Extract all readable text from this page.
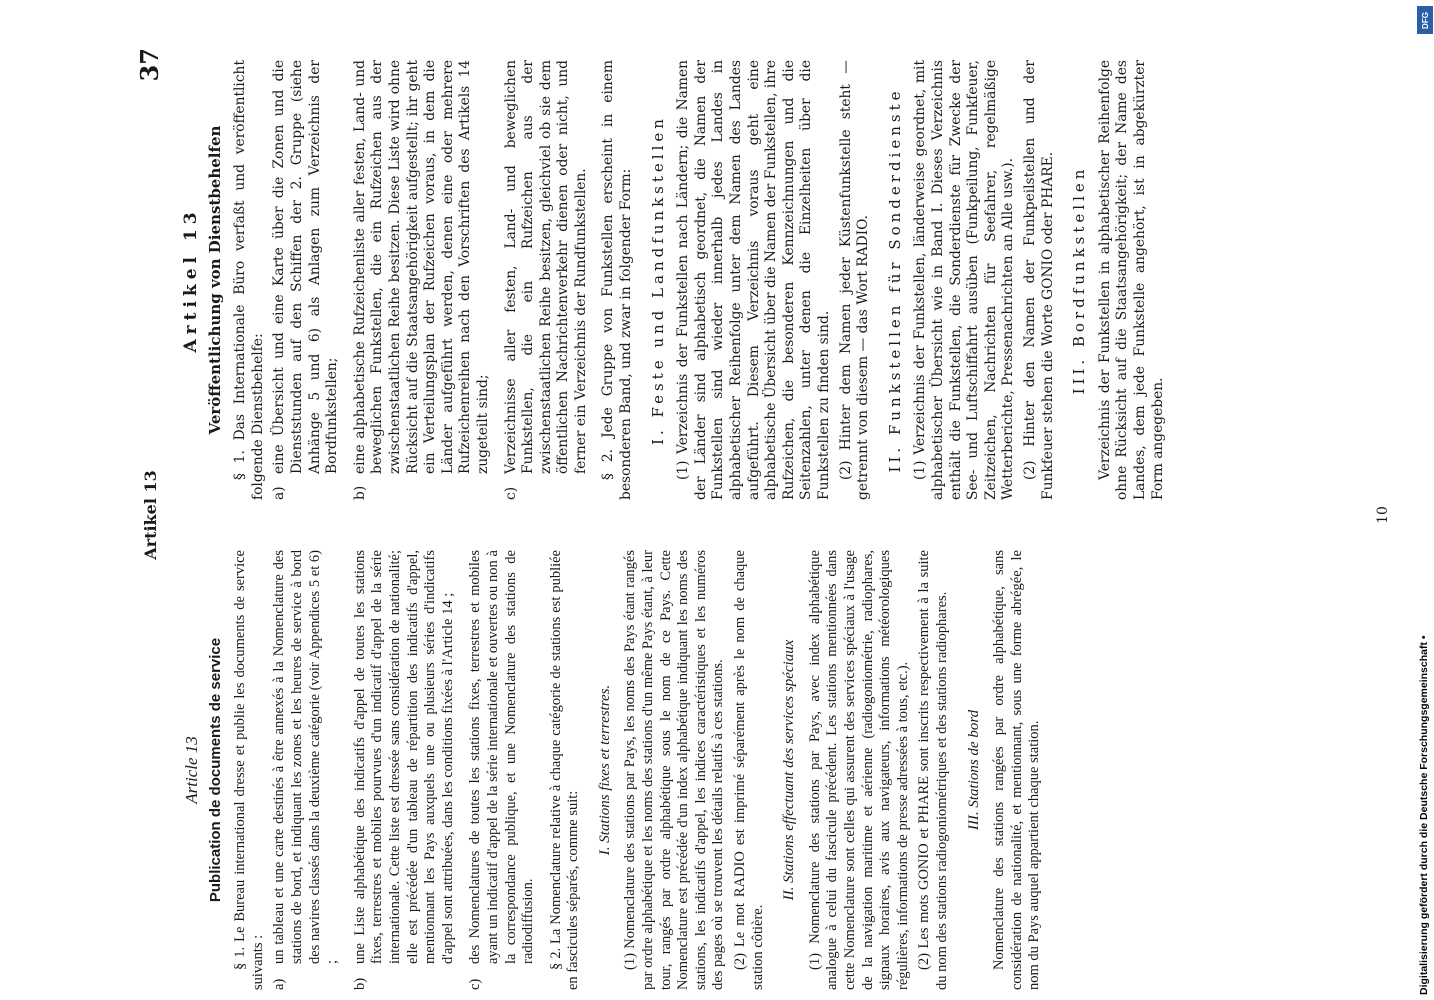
Artikel 13
37
Article 13 Publication de documents de service § 1. Le Bureau international dresse et publie les documents de service suivants : a)
un tableau et une carte destinés à être annexés à la Nomenclature des stations de bord, et indiquant les zones et les heures de service à bord des navires classés dans la deuxième catégorie (voir Appendices 5 et 6) ;
b)
une Liste alphabétique des indicatifs d'appel de toutes les stations fixes, terrestres et mobiles pourvues d'un indicatif d'appel de la série internationale. Cette liste est dressée sans considération de nationalité; elle est précédée d'un tableau de répartition des indicatifs d'appel, mentionnant les Pays auxquels une ou plusieurs séries d'indicatifs d'appel sont attribuées, dans les conditions fixées à l'Article 14 ;
c)
des Nomenclatures de toutes les stations fixes, terrestres et mobiles ayant un indicatif d'appel de la série internationale et ouvertes ou non à la correspondance publique, et une Nomenclature des stations de radiodiffusion. § 2. La Nomenclature relative à chaque catégorie de stations est publiée en fascicules séparés, comme suit:

I. Stations fixes et terrestres. (1) Nomenclature des stations par Pays, les noms des Pays étant rangés par ordre alphabétique et les noms des stations d'un même Pays étant, à leur tour, rangés par ordre alphabétique sous le nom de ce Pays. Cette Nomenclature est précédée d'un index alphabétique indiquant les noms des stations, les indicatifs d'appel, les indices caractéristiques et les numéros des pages où se trouvent les détails relatifs à ces stations. (2) Le mot RADIO est imprimé séparément après le nom de chaque station côtière.

II. Stations effectuant des services spéciaux (1) Nomenclature des stations par Pays, avec index alphabétique analogue à celui du fascicule précédent. Les stations mentionnées dans cette Nomenclature sont celles qui assurent des services spéciaux à l'usage de la navigation maritime et aérienne (radiogoniométrie, radiophares, signaux horaires, avis aux navigateurs, informations météorologiques régulières, informations de presse adressées à tous, etc.). (2) Les mots GONIO et PHARE sont inscrits respectivement à la suite du nom des stations radiogoniométriques et des stations radiophares. III. Stations de bord Nomenclature des stations rangées par ordre alphabétique, sans considération de nationalité, et mentionnant, sous une forme abrégée, le nom du Pays auquel appartient chaque station.

Artikel 13 Veröffentlichung von Dienstbehelfen § 1. Das Internationale Büro verfaßt und veröffentlicht folgende Dienstbehelfe: a)
eine Übersicht und eine Karte über die Zonen und die Dienststunden auf den Schiffen der 2. Gruppe (siehe Anhänge 5 und 6) als Anlagen zum Verzeichnis der Bordfunkstellen;
b)
eine alphabetische Rufzeichenliste aller festen, Land- und beweglichen Funkstellen, die ein Rufzeichen aus der zwischenstaatlichen Reihe besitzen. Diese Liste wird ohne Rücksicht auf die Staatsangehörigkeit aufgestellt; ihr geht ein Verteilungsplan der Rufzeichen voraus, in dem die Länder aufgeführt werden, denen eine oder mehrere Rufzeichenreihen nach den Vorschriften des Artikels 14 zugeteilt sind;
c)
Verzeichnisse aller festen, Land- und beweglichen Funkstellen, die ein Rufzeichen aus der zwischenstaatlichen Reihe besitzen, gleichviel ob sie dem öffentlichen Nachrichtenverkehr dienen oder nicht, und ferner ein Verzeichnis der Rundfunkstellen. § 2. Jede Gruppe von Funkstellen erscheint in einem besonderen Band, und zwar in folgender Form: I. Feste und Landfunkstellen (1) Verzeichnis der Funkstellen nach Ländern; die Namen der Länder sind alphabetisch geordnet, die Namen der Funkstellen sind wieder innerhalb jedes Landes in alphabetischer Reihenfolge unter dem Namen des Landes aufgeführt. Diesem Verzeichnis voraus geht eine alphabetische Übersicht über die Namen der Funkstellen, ihre Rufzeichen, die besonderen Kennzeichnungen und die Seitenzahlen, unter denen die Einzelheiten über die Funkstellen zu finden sind. (2) Hinter dem Namen jeder Küstenfunkstelle steht — getrennt von diesem — das Wort RADIO. II. Funkstellen für Sonderdienste (1) Verzeichnis der Funkstellen, länderweise geordnet, mit alphabetischer Übersicht wie in Band I. Dieses Verzeichnis enthält die Funkstellen, die Sonderdienste für Zwecke der See- und Luftschiffahrt ausüben (Funkpeilung, Funkfeuer, Zeitzeichen, Nachrichten für Seefahrer, regelmäßige Wetterberichte, Pressenachrichten an Alle usw.). (2) Hinter den Namen der Funkpeilstellen und der Funkfeuer stehen die Worte GONIO oder PHARE. III. Bordfunkstellen Verzeichnis der Funkstellen in alphabetischer Reihenfolge ohne Rücksicht auf die Staatsangehörigkeit; der Name des Landes, dem jede Funkstelle angehört, ist in abgekürzter Form angegeben.

10
Digitalisierung gefördert durch die Deutsche Forschungsgemeinschaft •
DFG
